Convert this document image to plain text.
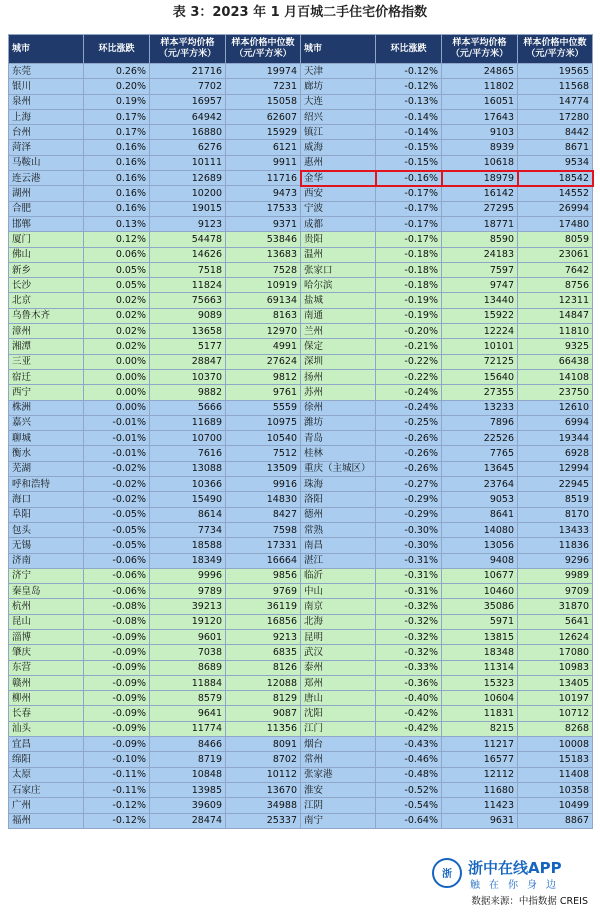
表 3：2023 年 1 月百城二手住宅价格指数
城市	环比涨跌	样本平均价格（元/平方米）	样本价格中位数（元/平方米）	城市	环比涨跌	样本平均价格（元/平方米）	样本价格中位数（元/平方米）
东莞	0.26%	21716	19974	天津	-0.12%	24865	19565
银川	0.20%	7702	7231	廊坊	-0.12%	11802	11568
泉州	0.19%	16957	15058	大连	-0.13%	16051	14774
上海	0.17%	64942	62607	绍兴	-0.14%	17643	17280
台州	0.17%	16880	15929	镇江	-0.14%	9103	8442
菏泽	0.16%	6276	6121	威海	-0.15%	8939	8671
马鞍山	0.16%	10111	9911	惠州	-0.15%	10618	9534
连云港	0.16%	12689	11716	金华	-0.16%	18979	18542
湖州	0.16%	10200	9473	西安	-0.17%	16142	14552
合肥	0.16%	19015	17533	宁波	-0.17%	27295	26994
邯郸	0.13%	9123	9371	成都	-0.17%	18771	17480
厦门	0.12%	54478	53846	贵阳	-0.17%	8590	8059
佛山	0.06%	14626	13683	温州	-0.18%	24183	23061
新乡	0.05%	7518	7528	张家口	-0.18%	7597	7642
长沙	0.05%	11824	10919	哈尔滨	-0.18%	9747	8756
北京	0.02%	75663	69134	盐城	-0.19%	13440	12311
乌鲁木齐	0.02%	9089	8163	南通	-0.19%	15922	14847
漳州	0.02%	13658	12970	兰州	-0.20%	12224	11810
湘潭	0.02%	5177	4991	保定	-0.21%	10101	9325
三亚	0.00%	28847	27624	深圳	-0.22%	72125	66438
宿迁	0.00%	10370	9812	扬州	-0.22%	15640	14108
西宁	0.00%	9882	9761	苏州	-0.24%	27355	23750
株洲	0.00%	5666	5559	徐州	-0.24%	13233	12610
嘉兴	-0.01%	11689	10975	潍坊	-0.25%	7896	6994
聊城	-0.01%	10700	10540	青岛	-0.26%	22526	19344
衡水	-0.01%	7616	7512	桂林	-0.26%	7765	6928
芜湖	-0.02%	13088	13509	重庆（主城区）	-0.26%	13645	12994
呼和浩特	-0.02%	10366	9916	珠海	-0.27%	23764	22945
海口	-0.02%	15490	14830	洛阳	-0.29%	9053	8519
阜阳	-0.05%	8614	8427	德州	-0.29%	8641	8170
包头	-0.05%	7734	7598	常熟	-0.30%	14080	13433
无锡	-0.05%	18588	17331	南昌	-0.30%	13056	11836
济南	-0.06%	18349	16664	湛江	-0.31%	9408	9296
济宁	-0.06%	9996	9856	临沂	-0.31%	10677	9989
秦皇岛	-0.06%	9789	9769	中山	-0.31%	10460	9709
杭州	-0.08%	39213	36119	南京	-0.32%	35086	31870
昆山	-0.08%	19120	16856	北海	-0.32%	5971	5641
淄博	-0.09%	9601	9213	昆明	-0.32%	13815	12624
肇庆	-0.09%	7038	6835	武汉	-0.32%	18348	17080
东营	-0.09%	8689	8126	泰州	-0.33%	11314	10983
赣州	-0.09%	11884	12088	郑州	-0.36%	15323	13405
柳州	-0.09%	8579	8129	唐山	-0.40%	10604	10197
长春	-0.09%	9641	9087	沈阳	-0.42%	11831	10712
汕头	-0.09%	11774	11356	江门	-0.42%	8215	8268
宜昌	-0.09%	8466	8091	烟台	-0.43%	11217	10008
绵阳	-0.10%	8719	8702	常州	-0.46%	16577	15183
太原	-0.11%	10848	10112	张家港	-0.48%	12112	11408
石家庄	-0.11%	13985	13670	淮安	-0.52%	11680	10358
广州	-0.12%	39609	34988	江阴	-0.54%	11423	10499
福州	-0.12%	28474	25337	南宁	-0.64%	9631	8867
浙	浙中在线APP
触在你身边
数据来源：中指数据 CREIS
